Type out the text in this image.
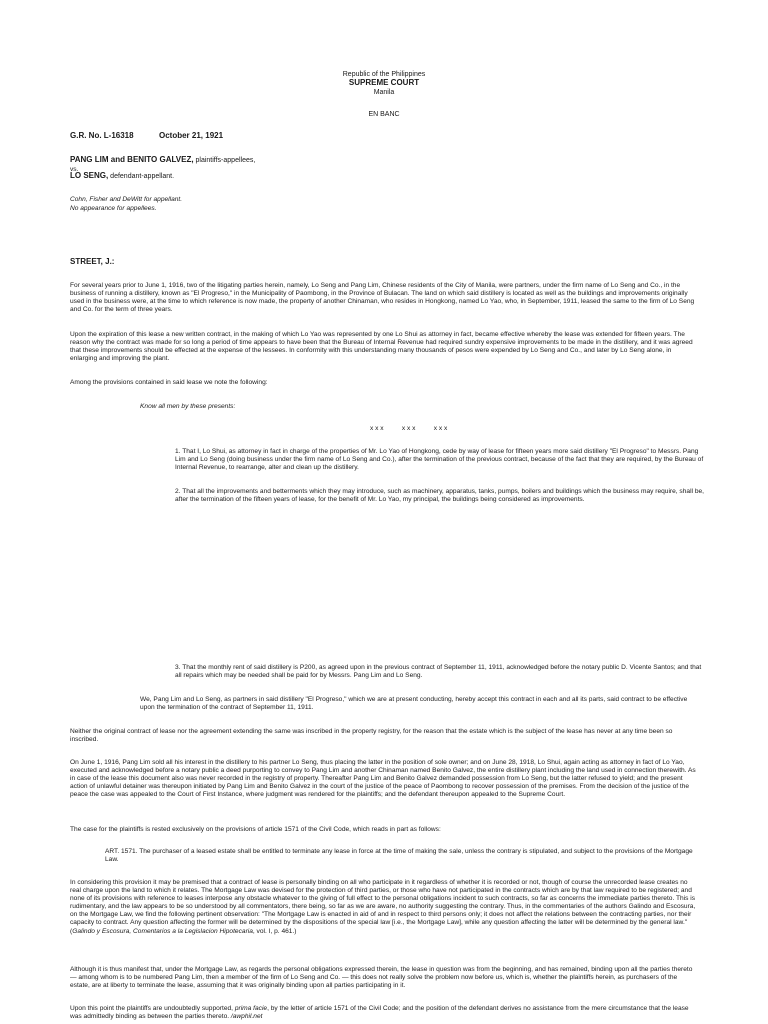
Republic of the Philippines
SUPREME COURT
Manila
EN BANC
G.R. No. L-16318	October 21, 1921
PANG LIM and BENITO GALVEZ, plaintiffs-appellees,
vs.
LO SENG, defendant-appellant.
Cohn, Fisher and DeWitt for appellant.
No appearance for appellees.
STREET, J.:
For several years prior to June 1, 1916, two of the litigating parties herein, namely, Lo Seng and Pang Lim, Chinese residents of the City of Manila, were partners, under the firm name of Lo Seng and Co., in the business of running a distillery, known as "El Progreso," in the Municipality of Paombong, in the Province of Bulacan. The land on which said distillery is located as well as the buildings and improvements originally used in the business were, at the time to which reference is now made, the property of another Chinaman, who resides in Hongkong, named Lo Yao, who, in September, 1911, leased the same to the firm of Lo Seng and Co. for the term of three years.
Upon the expiration of this lease a new written contract, in the making of which Lo Yao was represented by one Lo Shui as attorney in fact, became effective whereby the lease was extended for fifteen years. The reason why the contract was made for so long a period of time appears to have been that the Bureau of Internal Revenue had required sundry expensive improvements to be made in the distillery, and it was agreed that these improvements should be effected at the expense of the lessees. In conformity with this understanding many thousands of pesos were expended by Lo Seng and Co., and later by Lo Seng alone, in enlarging and improving the plant.
Among the provisions contained in said lease we note the following:
Know all men by these presents:
x x x          x x x          x x x
1. That I, Lo Shui, as attorney in fact in charge of the properties of Mr. Lo Yao of Hongkong, cede by way of lease for fifteen years more said distillery "El Progreso" to Messrs. Pang Lim and Lo Seng (doing business under the firm name of Lo Seng and Co.), after the termination of the previous contract, because of the fact that they are required, by the Bureau of Internal Revenue, to rearrange, alter and clean up the distillery.
2. That all the improvements and betterments which they may introduce, such as machinery, apparatus, tanks, pumps, boilers and buildings which the business may require, shall be, after the termination of the fifteen years of lease, for the benefit of Mr. Lo Yao, my principal, the buildings being considered as improvements.
3. That the monthly rent of said distillery is P200, as agreed upon in the previous contract of September 11, 1911, acknowledged before the notary public D. Vicente Santos; and that all repairs which may be needed shall be paid for by Messrs. Pang Lim and Lo Seng.
We, Pang Lim and Lo Seng, as partners in said distillery "El Progreso," which we are at present conducting, hereby accept this contract in each and all its parts, said contract to be effective upon the termination of the contract of September 11, 1911.
Neither the original contract of lease nor the agreement extending the same was inscribed in the property registry, for the reason that the estate which is the subject of the lease has never at any time been so inscribed.
On June 1, 1916, Pang Lim sold all his interest in the distillery to his partner Lo Seng, thus placing the latter in the position of sole owner; and on June 28, 1918, Lo Shui, again acting as attorney in fact of Lo Yao, executed and acknowledged before a notary public a deed purporting to convey to Pang Lim and another Chinaman named Benito Galvez, the entire distillery plant including the land used in connection therewith. As in case of the lease this document also was never recorded in the registry of property. Thereafter Pang Lim and Benito Galvez demanded possession from Lo Seng, but the latter refused to yield; and the present action of unlawful detainer was thereupon initiated by Pang Lim and Benito Galvez in the court of the justice of the peace of Paombong to recover possession of the premises. From the decision of the justice of the peace the case was appealed to the Court of First Instance, where judgment was rendered for the plaintiffs; and the defendant thereupon appealed to the Supreme Court.
The case for the plaintiffs is rested exclusively on the provisions of article 1571 of the Civil Code, which reads in part as follows:
ART. 1571. The purchaser of a leased estate shall be entitled to terminate any lease in force at the time of making the sale, unless the contrary is stipulated, and subject to the provisions of the Mortgage Law.
In considering this provision it may be premised that a contract of lease is personally binding on all who participate in it regardless of whether it is recorded or not, though of course the unrecorded lease creates no real charge upon the land to which it relates. The Mortgage Law was devised for the protection of third parties, or those who have not participated in the contracts which are by that law required to be registered; and none of its provisions with reference to leases interpose any obstacle whatever to the giving of full effect to the personal obligations incident to such contracts, so far as concerns the immediate parties thereto. This is rudimentary, and the law appears to be so understood by all commentators, there being, so far as we are aware, no authority suggesting the contrary. Thus, in the commentaries of the authors Galindo and Escosura, on the Mortgage Law, we find the following pertinent observation: "The Mortgage Law is enacted in aid of and in respect to third persons only; it does not affect the relations between the contracting parties, nor their capacity to contract. Any question affecting the former will be determined by the dispositions of the special law [i.e., the Mortgage Law], while any question affecting the latter will be determined by the general law." (Galindo y Escosura, Comentarios a la Legislacion Hipotecaria, vol. I, p. 461.)
Although it is thus manifest that, under the Mortgage Law, as regards the personal obligations expressed therein, the lease in question was from the beginning, and has remained, binding upon all the parties thereto — among whom is to be numbered Pang Lim, then a member of the firm of Lo Seng and Co. — this does not really solve the problem now before us, which is, whether the plaintiffs herein, as purchasers of the estate, are at liberty to terminate the lease, assuming that it was originally binding upon all parties participating in it.
Upon this point the plaintiffs are undoubtedly supported, prima facie, by the letter of article 1571 of the Civil Code; and the position of the defendant derives no assistance from the mere circumstance that the lease was admittedly binding as between the parties thereto. ⁠/awphil.net
